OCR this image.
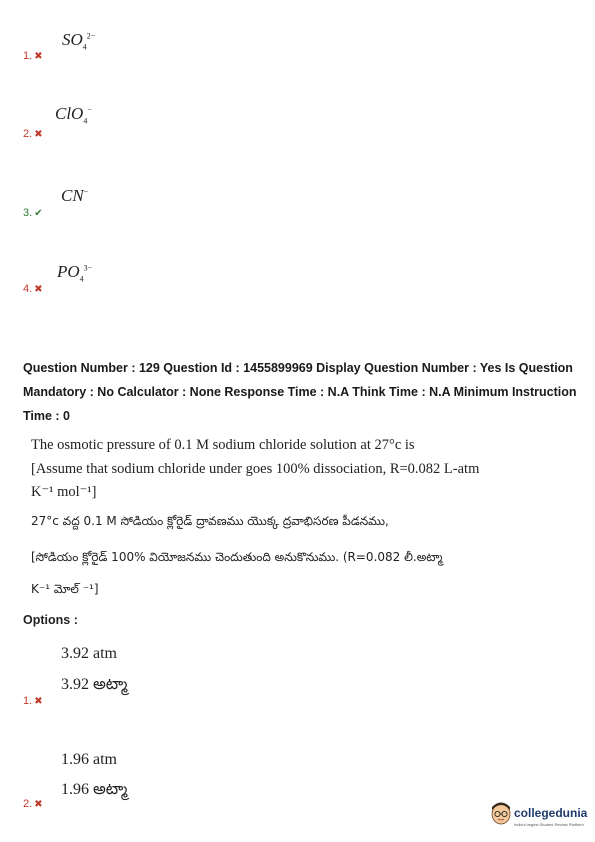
$SO_4^{2-}$
1. ✖
ClO$_4$−
2. ✖
CN−
3. ✔
$PO_4^{3-}$
4. ✖
Question Number : 129 Question Id : 1455899969 Display Question Number : Yes Is Question
Mandatory : No Calculator : None Response Time : N.A Think Time : N.A Minimum Instruction
Time : 0
The osmotic pressure of 0.1 M sodium chloride solution at 27°c is
[Assume that sodium chloride under goes 100% dissociation, R=0.082 L-atm
K⁻¹ mol⁻¹]
27°c వద్ద 0.1 M సోడియం క్లోరైడ్ ద్రావణము యొక్క ద్రవాభిసరణ పీడనము,
[సోడియం క్లోరైడ్ 100% వియోజనము చెందుతుంది అనుకొనుము. (R=0.082 లీ.అట్మా
K⁻¹ మోల్ ⁻¹]
Options :
3.92 atm
3.92 అట్మా
1. ✖
1.96 atm
1.96 అట్మా
2. ✖
collegedunia
India's largest Student Review Platform
